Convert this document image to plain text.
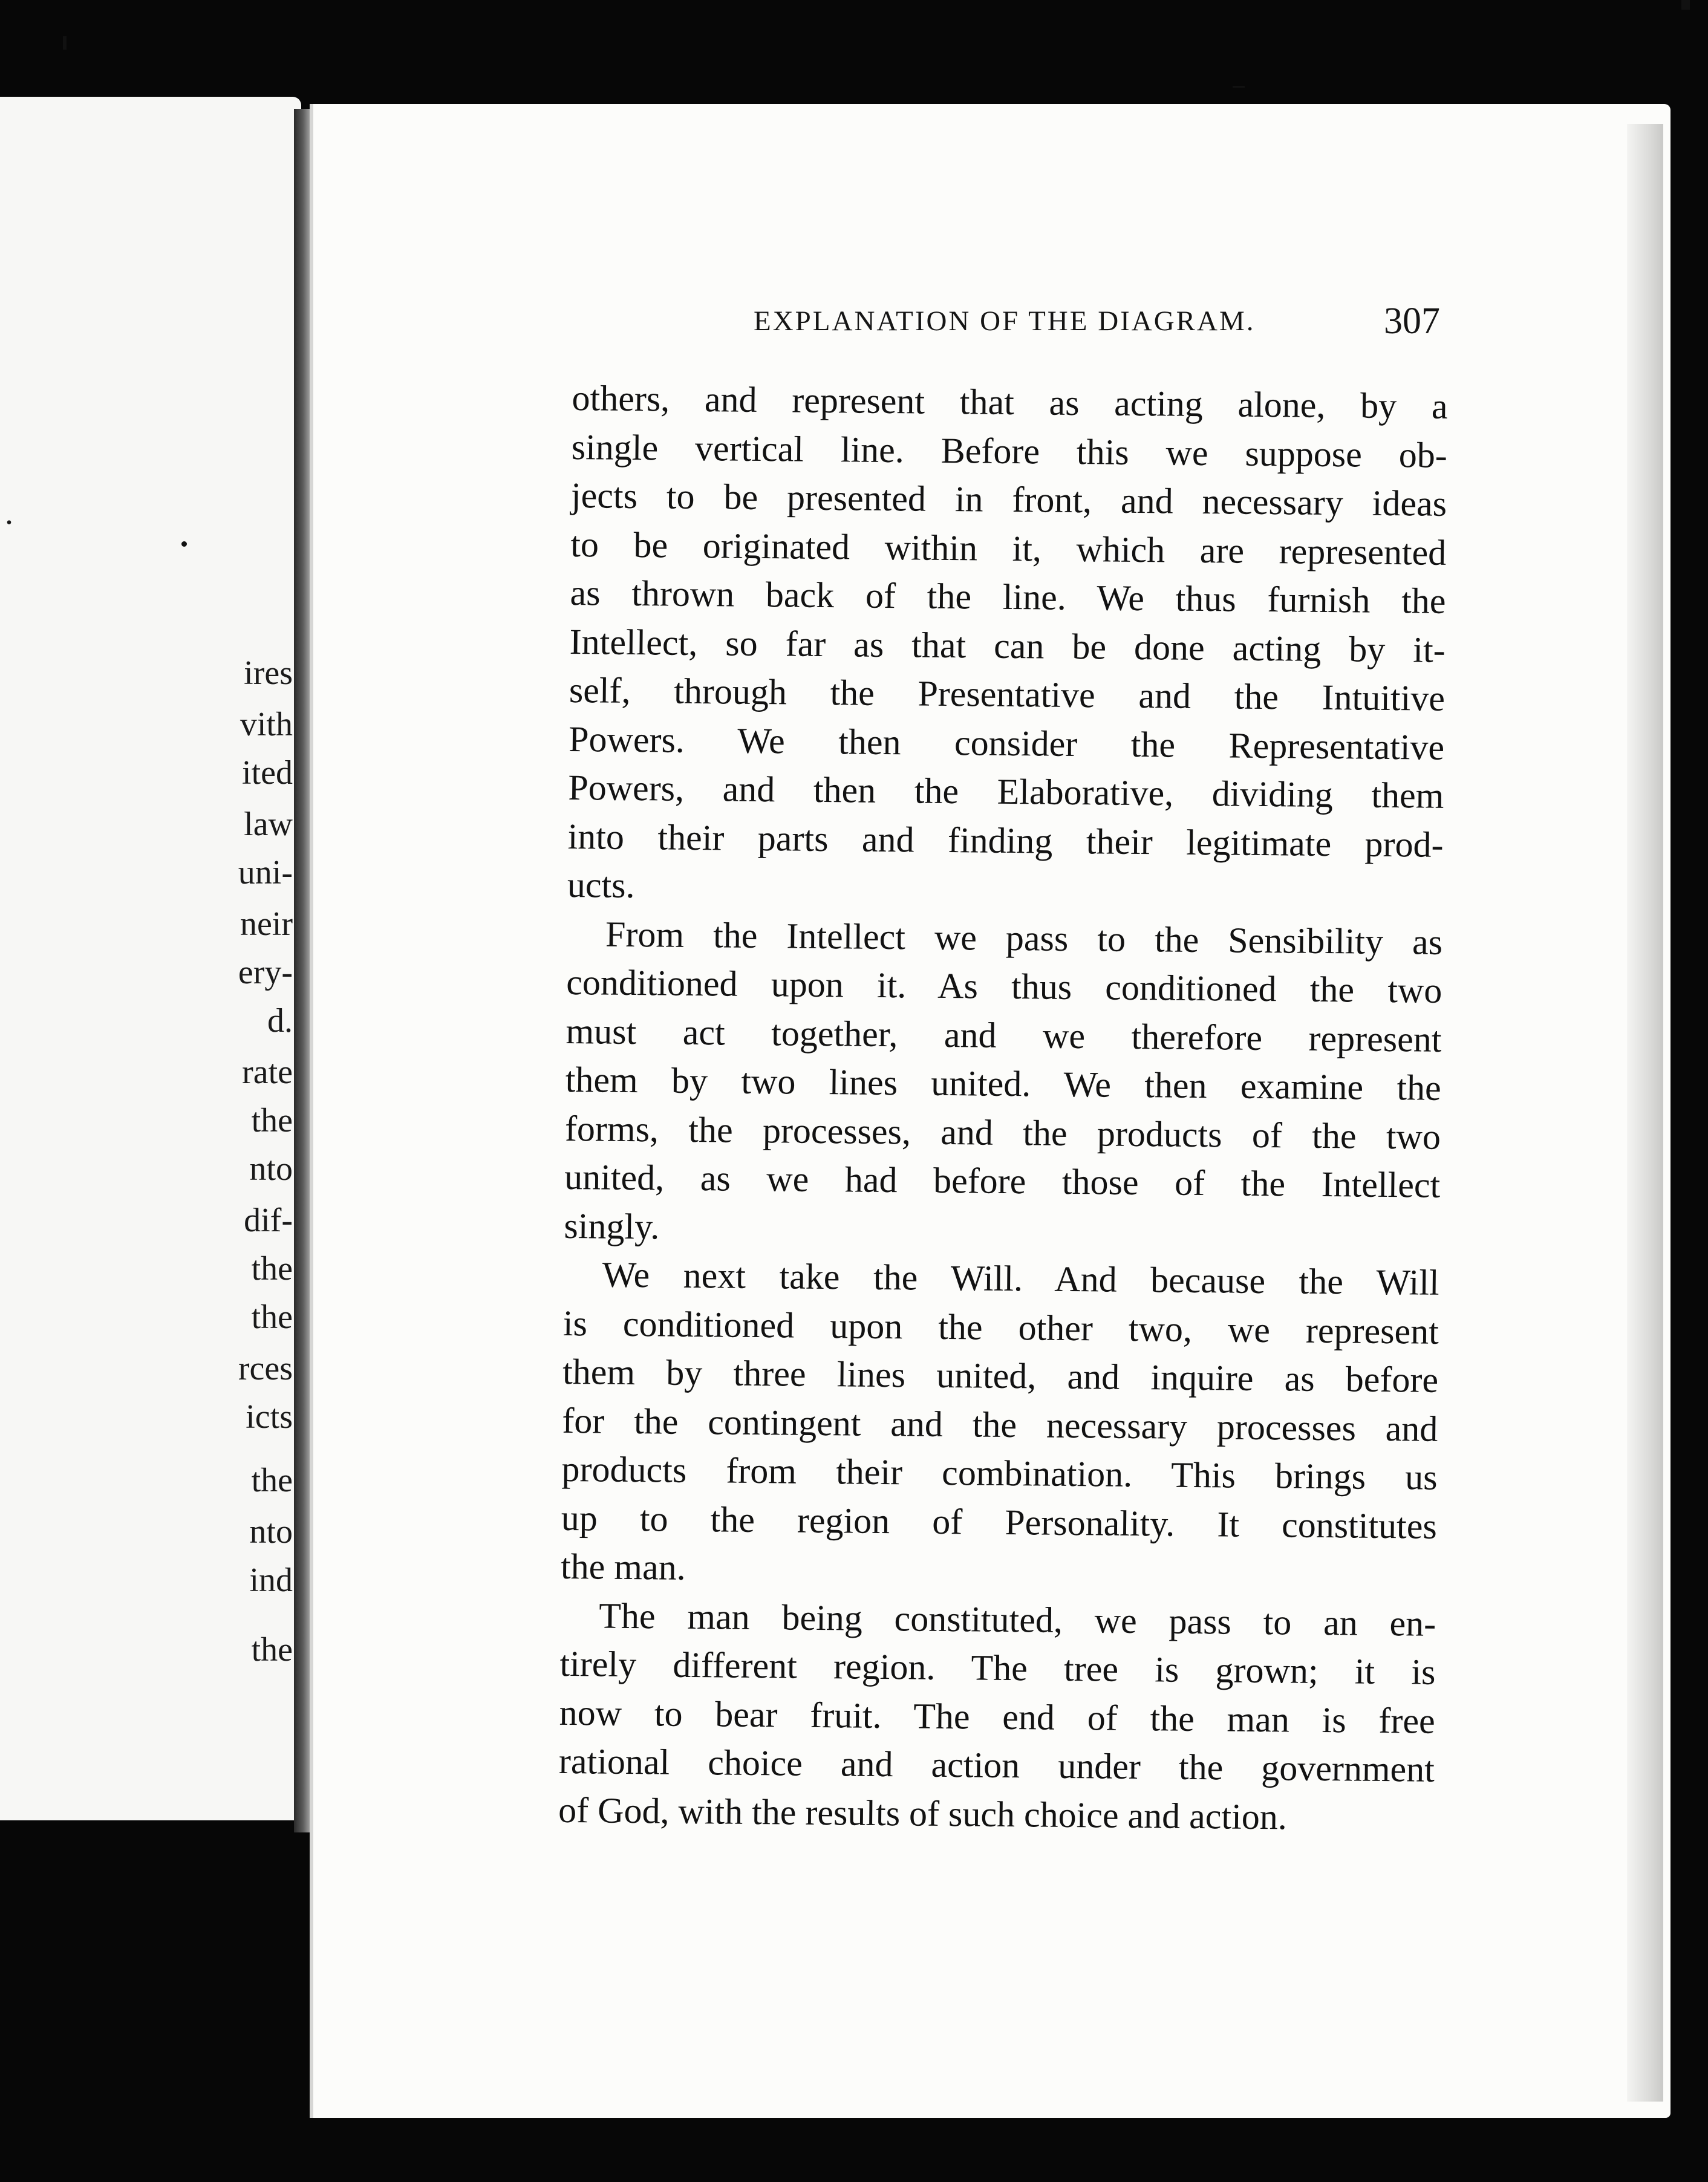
.
ires
vith
ited
law
uni-
neir
ery-
d.
rate
the
nto
dif-
the
the
rces
icts
the
nto
ind
the
EXPLANATION OF THE DIAGRAM.	307
others, and represent that as acting alone, by a
single vertical line. Before this we suppose ob-
jects to be presented in front, and necessary ideas
to be originated within it, which are represented
as thrown back of the line. We thus furnish the
Intellect, so far as that can be done acting by it-
self, through the Presentative and the Intuitive
Powers. We then consider the Representative
Powers, and then the Elaborative, dividing them
into their parts and finding their legitimate prod-
ucts.
From the Intellect we pass to the Sensibility as
conditioned upon it. As thus conditioned the two
must act together, and we therefore represent
them by two lines united. We then examine the
forms, the processes, and the products of the two
united, as we had before those of the Intellect
singly.
We next take the Will. And because the Will
is conditioned upon the other two, we represent
them by three lines united, and inquire as before
for the contingent and the necessary processes and
products from their combination. This brings us
up to the region of Personality. It constitutes
the man.
The man being constituted, we pass to an en-
tirely different region. The tree is grown; it is
now to bear fruit. The end of the man is free
rational choice and action under the government
of God, with the results of such choice and action.
